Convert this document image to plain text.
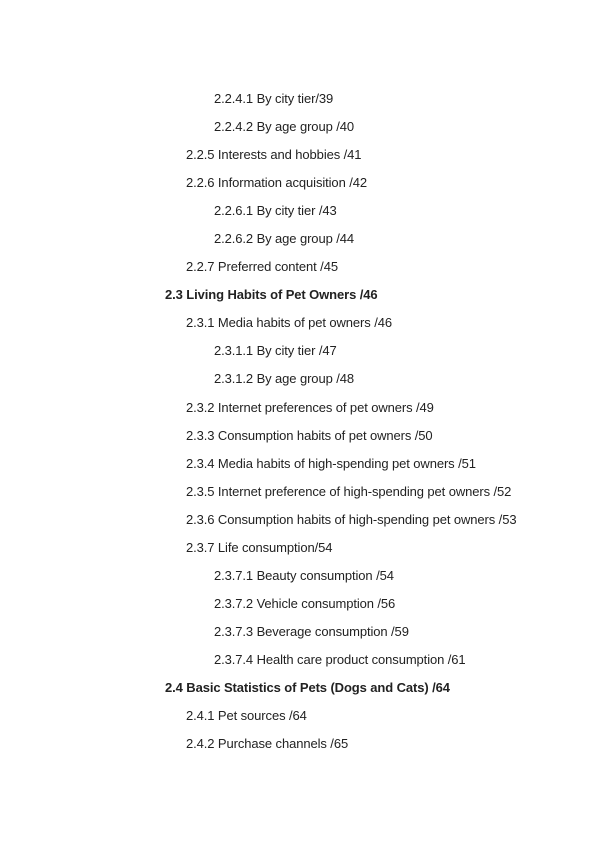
2.2.4.1 By city tier/39
2.2.4.2 By age group /40
2.2.5 Interests and hobbies /41
2.2.6 Information acquisition /42
2.2.6.1 By city tier /43
2.2.6.2 By age group /44
2.2.7 Preferred content /45
2.3 Living Habits of Pet Owners /46
2.3.1 Media habits of pet owners /46
2.3.1.1 By city tier /47
2.3.1.2 By age group /48
2.3.2 Internet preferences of pet owners /49
2.3.3 Consumption habits of pet owners /50
2.3.4 Media habits of high-spending pet owners /51
2.3.5 Internet preference of high-spending pet owners /52
2.3.6 Consumption habits of high-spending pet owners /53
2.3.7 Life consumption/54
2.3.7.1 Beauty consumption /54
2.3.7.2 Vehicle consumption /56
2.3.7.3 Beverage consumption /59
2.3.7.4 Health care product consumption /61
2.4 Basic Statistics of Pets (Dogs and Cats) /64
2.4.1 Pet sources /64
2.4.2 Purchase channels /65
